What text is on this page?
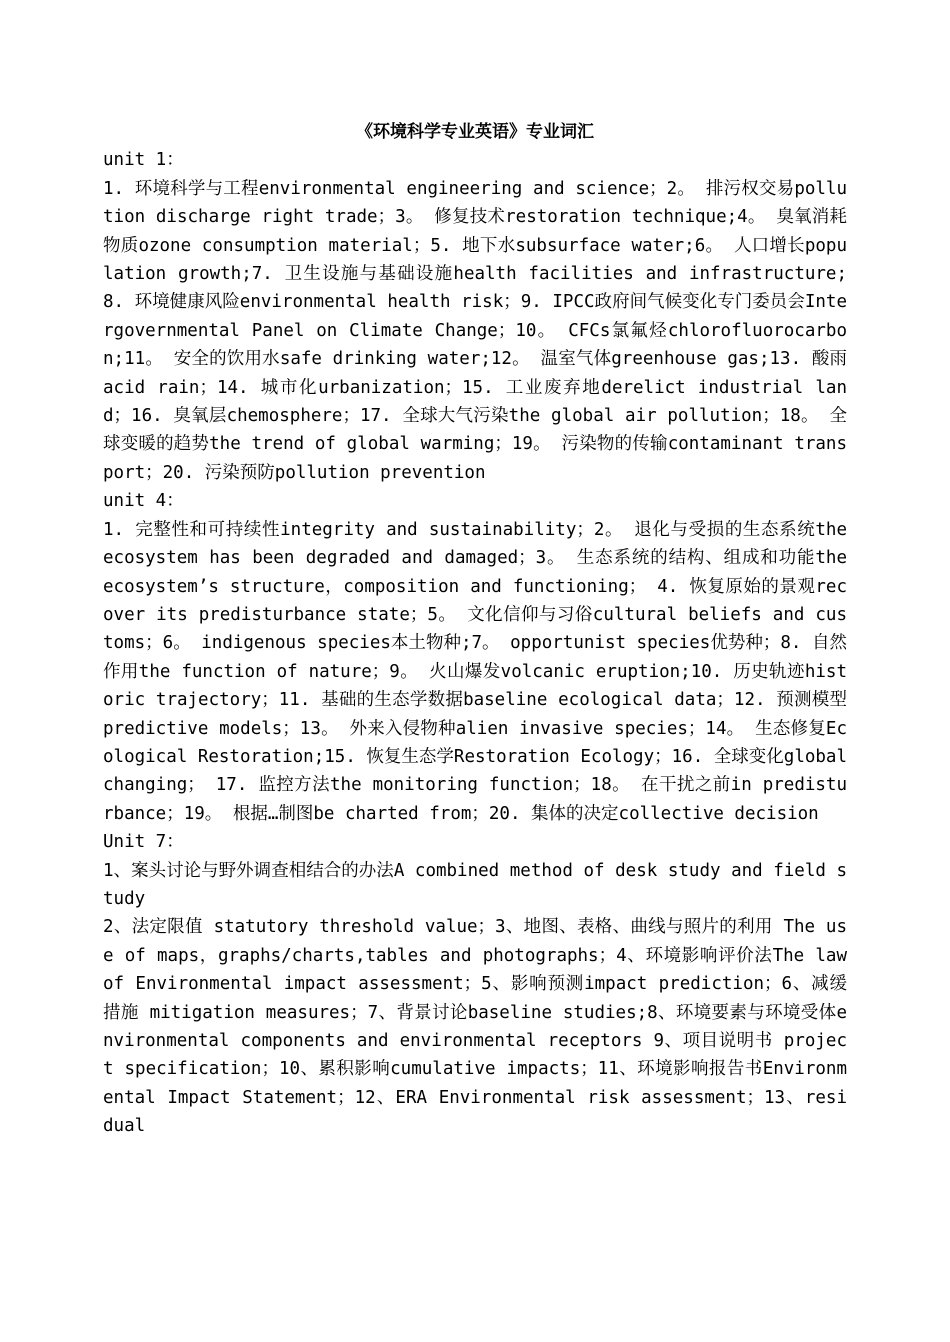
《环境科学专业英语》专业词汇
unit 1：
1. 环境科学与工程environmental engineering and science；2。 排污权交易pollution discharge right trade；3。 修复技术restoration technique;4。 臭氧消耗物质ozone consumption material；5. 地下水subsurface water;6。 人口增长population growth;7. 卫生设施与基础设施health facilities and infrastructure;8. 环境健康风险environmental health risk；9. IPCC政府间气候变化专门委员会Intergovernmental Panel on Climate Change；10。 CFCs氯氟烃chlorofluorocarbon;11。 安全的饮用水safe drinking water;12。 温室气体greenhouse gas;13. 酸雨acid rain；14. 城市化urbanization；15. 工业废弃地derelict industrial land；16. 臭氧层chemosphere；17. 全球大气污染the global air pollution；18。 全球变暖的趋势the trend of global warming；19。 污染物的传输contaminant transport；20. 污染预防pollution prevention
unit 4：
1. 完整性和可持续性integrity and sustainability；2。 退化与受损的生态系统the ecosystem has been degraded and damaged；3。 生态系统的结构、组成和功能the ecosystem’s structure，composition and functioning； 4. 恢复原始的景观recover its predisturbance state；5。 文化信仰与习俗cultural beliefs and customs；6。 indigenous species本土物种;7。 opportunist species优势种；8. 自然作用the function of nature；9。 火山爆发volcanic eruption;10. 历史轨迹historic trajectory；11. 基础的生态学数据baseline ecological data；12. 预测模型predictive models；13。 外来入侵物种alien invasive species；14。 生态修复Ecological Restoration;15. 恢复生态学Restoration Ecology；16. 全球变化global changing； 17. 监控方法the monitoring function；18。 在干扰之前in predisturbance；19。 根据…制图be charted from；20. 集体的决定collective decision
Unit 7：
1、案头讨论与野外调查相结合的办法A combined method of desk study and field study
2、法定限值 statutory threshold value；3、地图、表格、曲线与照片的利用 The use of maps，graphs/charts,tables and photographs；4、环境影响评价法The law of Environmental impact assessment；5、影响预测impact prediction；6、减缓措施 mitigation measures；7、背景讨论baseline studies;8、环境要素与环境受体environmental components and environmental receptors 9、项目说明书 project specification；10、累积影响cumulative impacts；11、环境影响报告书Environmental Impact Statement；12、ERA Environmental risk assessment；13、residual
